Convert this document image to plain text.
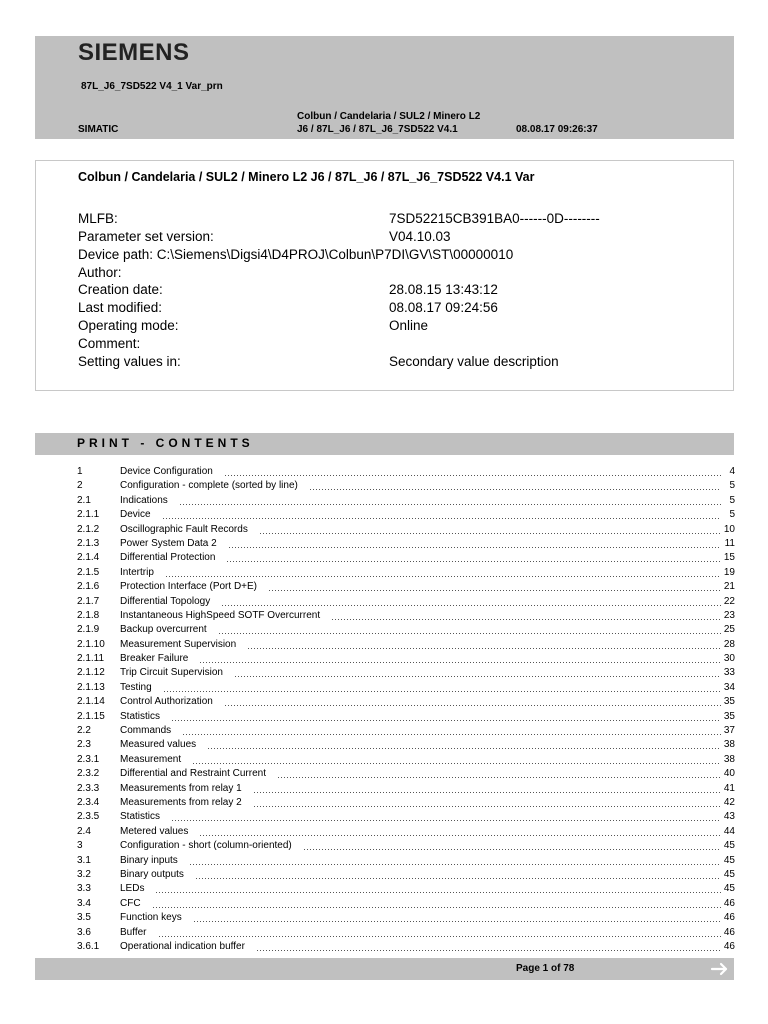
SIEMENS
87L_J6_7SD522 V4_1 Var_prn
SIMATIC
Colbun / Candelaria / SUL2 / Minero L2
J6 / 87L_J6 / 87L_J6_7SD522 V4.1	08.08.17 09:26:37
Colbun / Candelaria / SUL2 / Minero L2 J6 / 87L_J6 / 87L_J6_7SD522 V4.1 Var
MLFB:	7SD52215CB391BA0------0D--------
Parameter set version:	V04.10.03
Device path: C:\Siemens\Digsi4\D4PROJ\Colbun\P7DI\GV\ST\00000010
Author:
Creation date:	28.08.15 13:43:12
Last modified:	08.08.17 09:24:56
Operating mode:	Online
Comment:
Setting values in:	Secondary value description
PRINT - CONTENTS
1	Device Configuration	4
2	Configuration - complete (sorted by line)	5
2.1	Indications	5
2.1.1 Device	5
2.1.2 Oscillographic Fault Records	10
2.1.3 Power System Data 2	11
2.1.4 Differential Protection	15
2.1.5 Intertrip	19
2.1.6 Protection Interface (Port D+E)	21
2.1.7 Differential Topology	22
2.1.8 Instantaneous HighSpeed SOTF Overcurrent	23
2.1.9 Backup overcurrent	25
2.1.10 Measurement Supervision	28
2.1.11 Breaker Failure	30
2.1.12 Trip Circuit Supervision	33
2.1.13 Testing	34
2.1.14 Control Authorization	35
2.1.15 Statistics	35
2.2	Commands	37
2.3	Measured values	38
2.3.1 Measurement	38
2.3.2 Differential and Restraint Current	40
2.3.3 Measurements from relay 1	41
2.3.4 Measurements from relay 2	42
2.3.5 Statistics	43
2.4	Metered values	44
3	Configuration - short (column-oriented)	45
3.1	Binary inputs	45
3.2	Binary outputs	45
3.3	LEDs	45
3.4	CFC	46
3.5	Function keys	46
3.6	Buffer	46
3.6.1 Operational indication buffer	46
Page 1 of 78
